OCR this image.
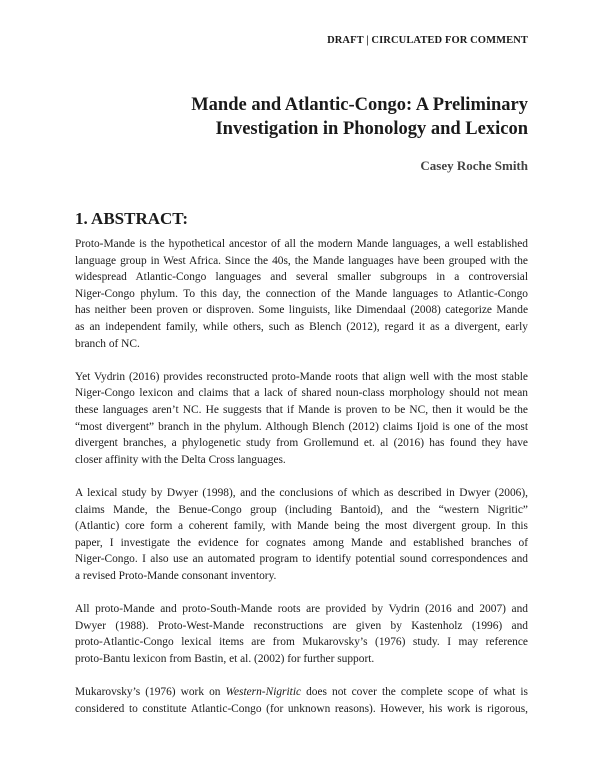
DRAFT | CIRCULATED FOR COMMENT
Mande and Atlantic-Congo: A Preliminary
Investigation in Phonology and Lexicon
Casey Roche Smith
1. ABSTRACT:
Proto-Mande is the hypothetical ancestor of all the modern Mande languages, a well established
language group in West Africa. Since the 40s, the Mande languages have been grouped with the
widespread Atlantic-Congo languages and several smaller subgroups in a controversial
Niger-Congo phylum. To this day, the connection of the Mande languages to Atlantic-Congo
has neither been proven or disproven. Some linguists, like Dimendaal (2008) categorize Mande
as an independent family, while others, such as Blench (2012), regard it as a divergent, early
branch of NC.
Yet Vydrin (2016) provides reconstructed proto-Mande roots that align well with the most stable
Niger-Congo lexicon and claims that a lack of shared noun-class morphology should not mean
these languages aren’t NC. He suggests that if Mande is proven to be NC, then it would be the
“most divergent” branch in the phylum. Although Blench (2012) claims Ijoid is one of the most
divergent branches, a phylogenetic study from Grollemund et. al (2016) has found they have
closer affinity with the Delta Cross languages.
A lexical study by Dwyer (1998), and the conclusions of which as described in Dwyer (2006),
claims Mande, the Benue-Congo group (including Bantoid), and the “western Nigritic”
(Atlantic) core form a coherent family, with Mande being the most divergent group. In this
paper, I investigate the evidence for cognates among Mande and established branches of
Niger-Congo. I also use an automated program to identify potential sound correspondences and
a revised Proto-Mande consonant inventory.
All proto-Mande and proto-South-Mande roots are provided by Vydrin (2016 and 2007) and
Dwyer (1988). Proto-West-Mande reconstructions are given by Kastenholz (1996) and
proto-Atlantic-Congo lexical items are from Mukarovsky’s (1976) study. I may reference
proto-Bantu lexicon from Bastin, et al. (2002) for further support.
Mukarovsky’s (1976) work on Western-Nigritic does not cover the complete scope of what is
considered to constitute Atlantic-Congo (for unknown reasons). However, his work is rigorous,
